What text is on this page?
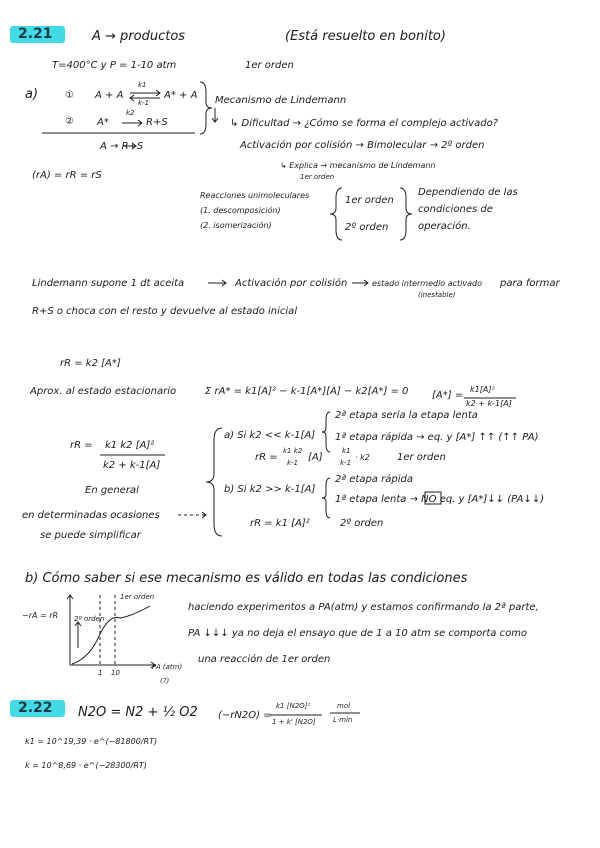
2.21	A → productos	(Está resuelto en bonito)
T=400°C y P = 1-10 atm	1er orden
a)	① A + A
k1
k-1
A* + A
② A*
k2
R+S
A → R+S
(rA) = rR = rS
Mecanismo de Lindemann
↳ Dificultad → ¿Cómo se forma el complejo activado?
Activación por colisión → Bimolecular → 2º orden
↳ Explica → mecanismo de Lindemann
1er orden
Reacciones unimoleculares
(1. descomposición)
(2. isomerización)
1er orden
2º orden
Dependiendo de las
condiciones de
operación.
Lindemann supone 1 dt aceita	Activación por colisión	estado intermedio activado para formar
(inestable)
R+S o choca con el resto y devuelve al estado inicial
rR = k2 [A*]
Aprox. al estado estacionario	Σ rA* = k1[A]² − k-1[A*][A] − k2[A*] = 0 [A*] =
k1[A]²
k2 + k-1[A]
rR = k1 k2 [A]²
k2 + k-1[A]
En general
en determinadas ocasiones
se puede simplificar
a) Si k2 << k-1[A]
2ª etapa sería la etapa lenta
1ª etapa rápida → eq. y [A*] ↑↑ (↑↑ PA)
rR =
k1 k2
k-1 [A]
k1
k-1
· k2	1er orden
b) Si k2 >> k-1[A]
2ª etapa rápida
1ª etapa lenta → NO eq. y [A*]↓↓ (PA↓↓)
rR = k1 [A]²	2º orden
b) Cómo saber si ese mecanismo es válido en todas las condiciones
−rA = rR
1er orden
2º orden
PA (atm)
(?)
1 10
haciendo experimentos a PA(atm) y estamos confirmando la 2ª parte,
PA ↓↓↓ ya no deja el ensayo que de 1 a 10 atm se comporta como
una reacción de 1er orden
2.22 N2O = N2 + ½ O2 (−rN2O) =
k1 [N2O]²
1 + k' [N2O]
mol
L·min
k1 = 10^19,39 · e^(−81800/RT)
k = 10^8,69 · e^(−28300/RT)
